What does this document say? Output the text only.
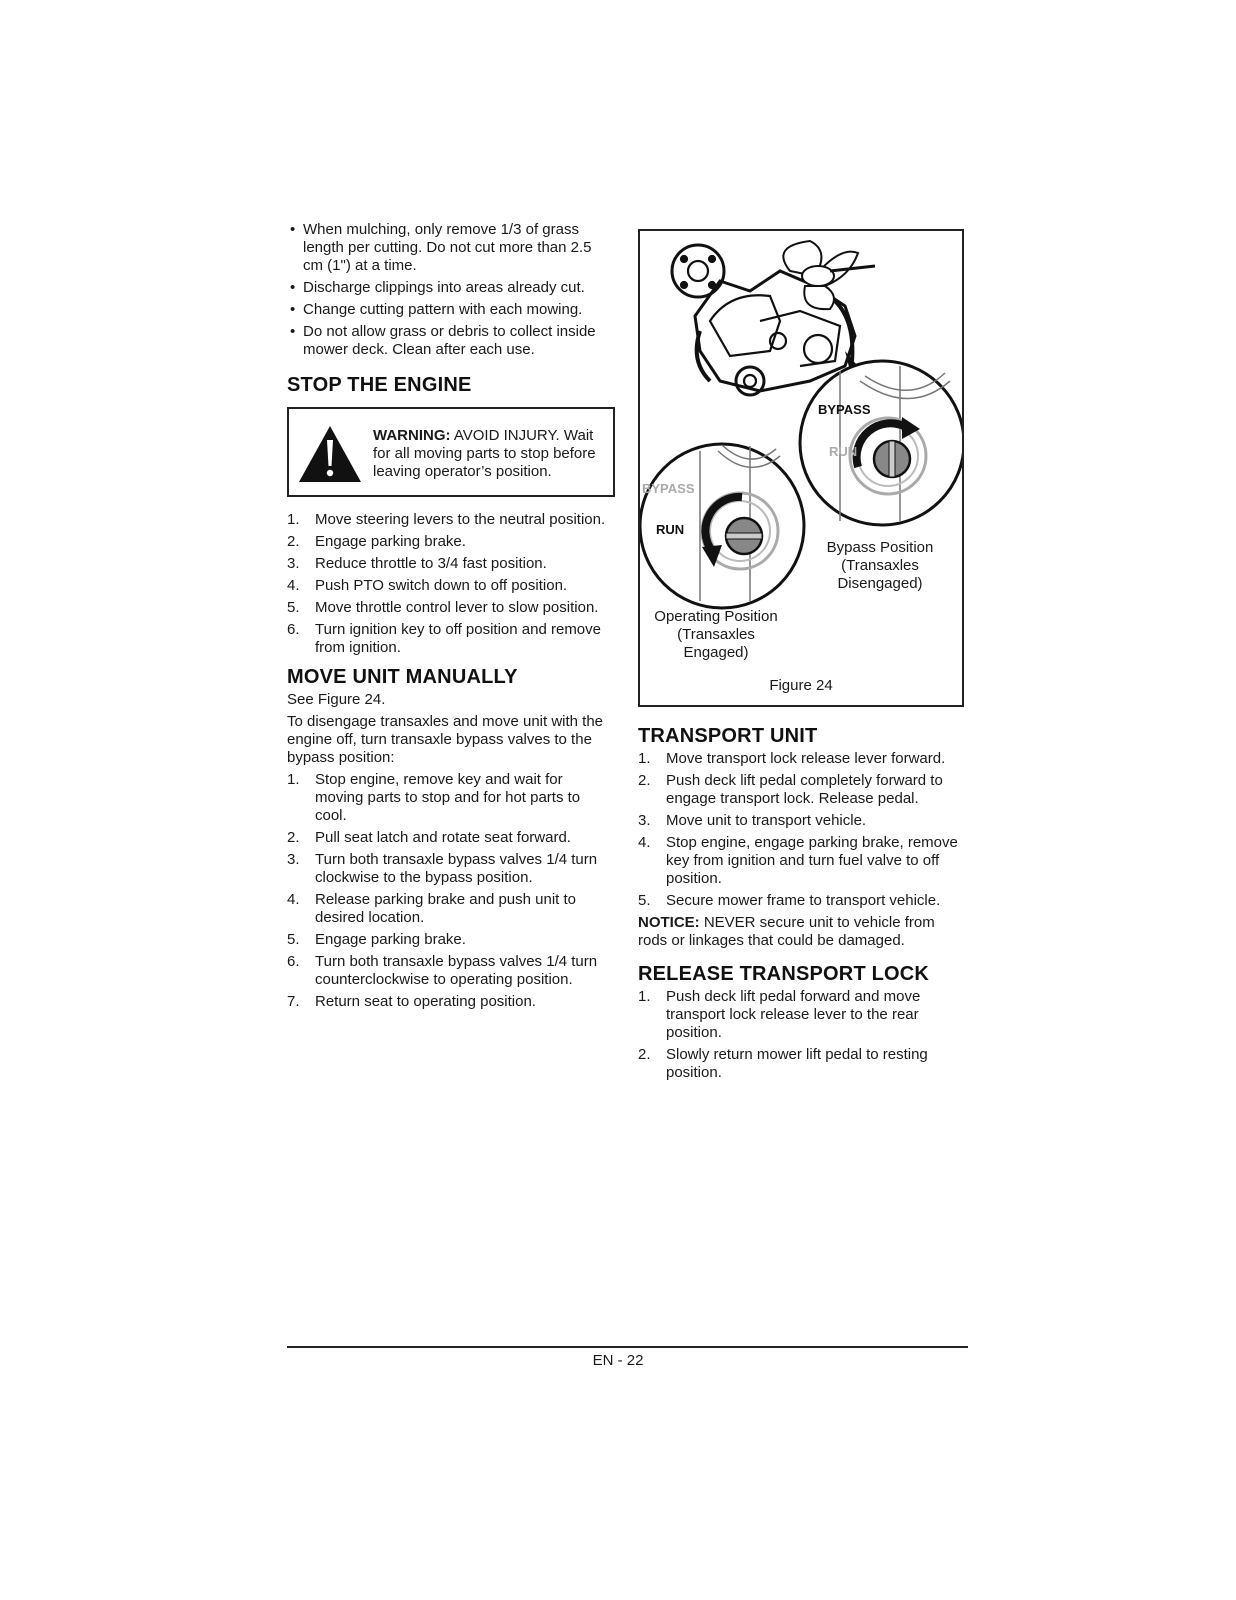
• When mulching, only remove 1/3 of grass length per cutting. Do not cut more than 2.5 cm (1") at a time.
• Discharge clippings into areas already cut.
• Change cutting pattern with each mowing.
• Do not allow grass or debris to collect inside mower deck. Clean after each use.
STOP THE ENGINE
WARNING: AVOID INJURY. Wait for all moving parts to stop before leaving operator’s position.
1. Move steering levers to the neutral position.
2. Engage parking brake.
3. Reduce throttle to 3/4 fast position.
4. Push PTO switch down to off position.
5. Move throttle control lever to slow position.
6. Turn ignition key to off position and remove from ignition.
MOVE UNIT MANUALLY

See Figure 24.

To disengage transaxles and move unit with the engine off, turn transaxle bypass valves to the bypass position:

1. Stop engine, remove key and wait for moving parts to stop and for hot parts to cool.
2. Pull seat latch and rotate seat forward.
3. Turn both transaxle bypass valves 1/4 turn clockwise to the bypass position.
4. Release parking brake and push unit to desired location.
5. Engage parking brake.
6. Turn both transaxle bypass valves 1/4 turn counterclockwise to operating position.
7. Return seat to operating position.
BYPASS
RUN
BYPASS
RUN
Bypass Position
(Transaxles
Disengaged)
Operating Position
(Transaxles
Engaged)
Figure 24
TRANSPORT UNIT
1. Move transport lock release lever forward.
2. Push deck lift pedal completely forward to engage transport lock. Release pedal.
3. Move unit to transport vehicle.
4. Stop engine, engage parking brake, remove key from ignition and turn fuel valve to off position.
5. Secure mower frame to transport vehicle.

NOTICE: NEVER secure unit to vehicle from rods or linkages that could be damaged.

RELEASE TRANSPORT LOCK
1. Push deck lift pedal forward and move transport lock release lever to the rear position.
2. Slowly return mower lift pedal to resting position.
EN - 22
